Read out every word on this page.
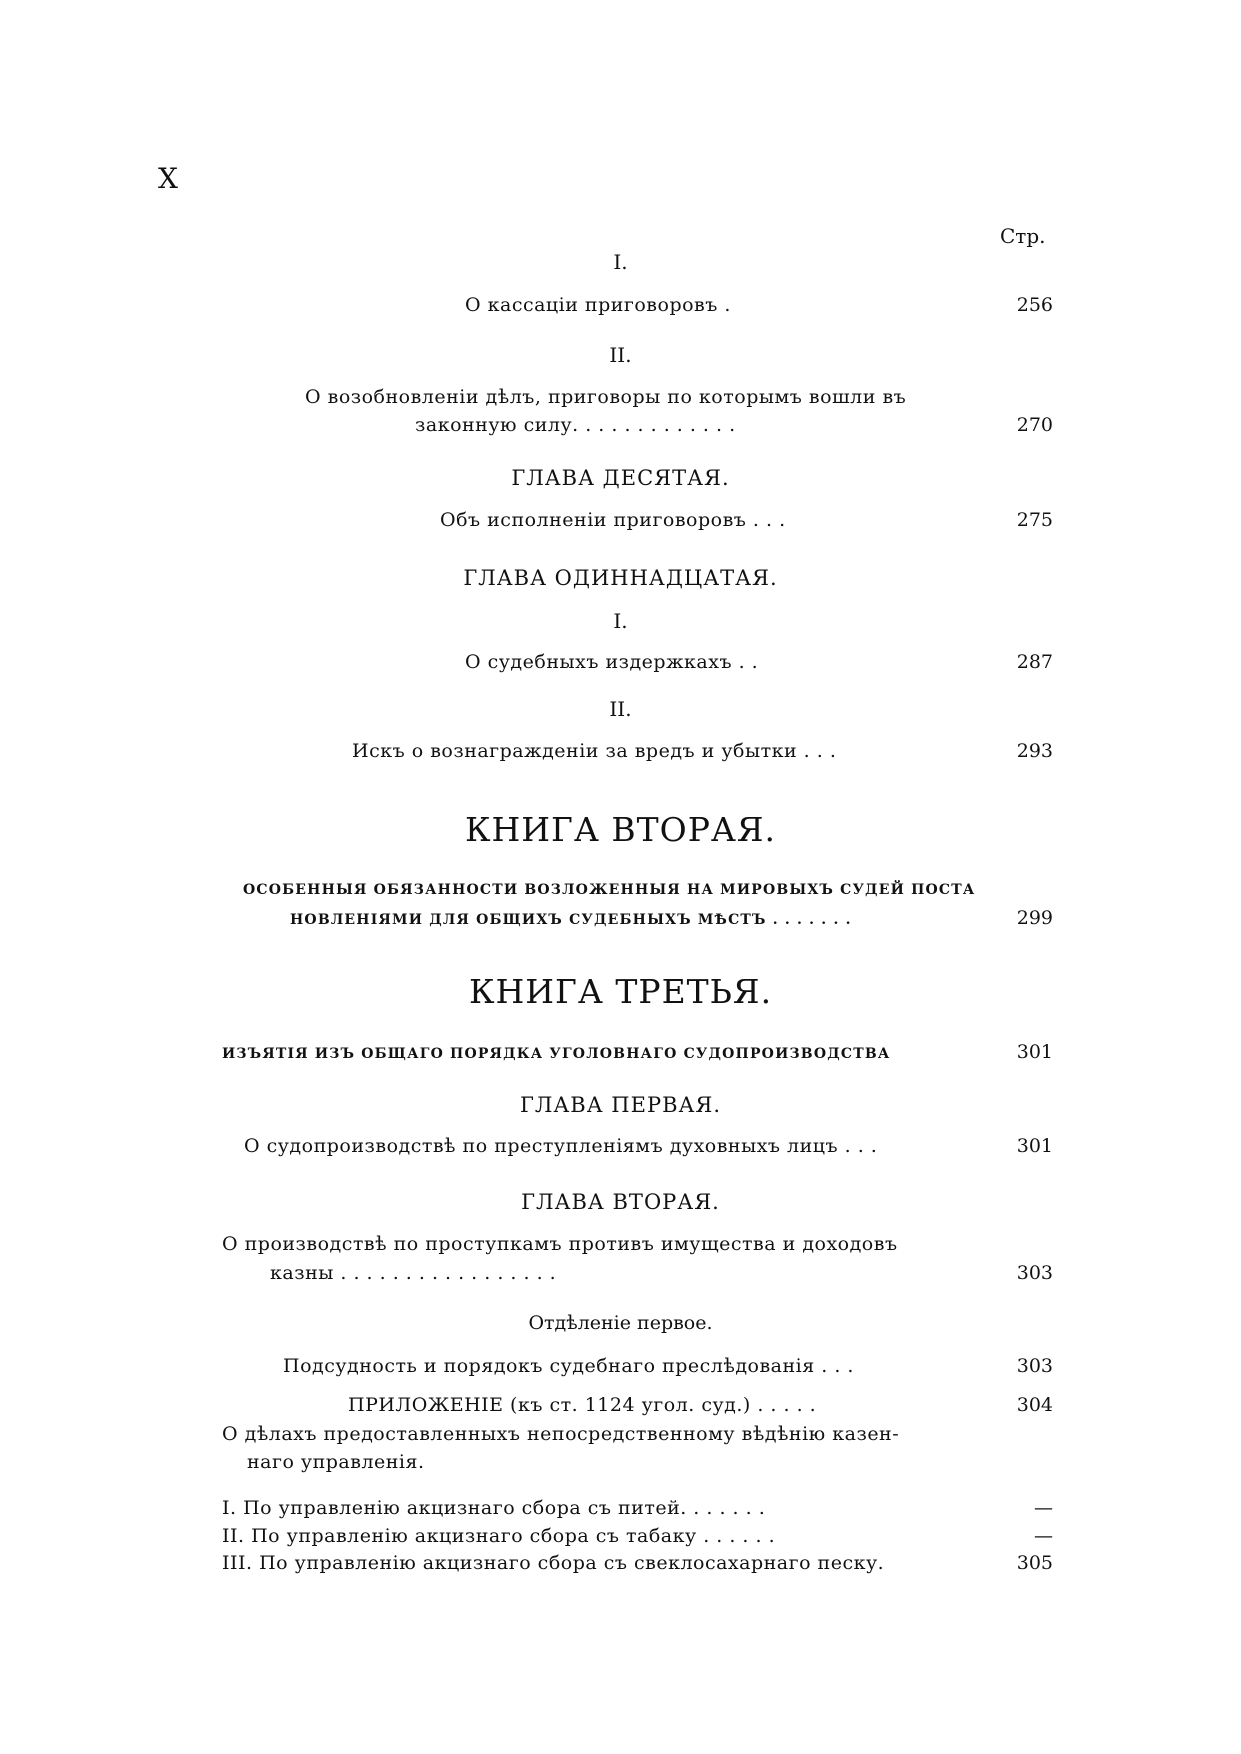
X
Стр.
I.
О кассаціи приговоровъ .	256
II.
О возобновленіи дѣлъ, приговоры по которымъ вошли въ
законную силу. . . . . . . . . . . . .	270
ГЛАВА ДЕСЯТАЯ.
Объ исполненіи приговоровъ . . .	275
ГЛАВА ОДИННАДЦАТАЯ.
I.
О судебныхъ издержкахъ . .	287
II.
Искъ о вознагражденіи за вредъ и убытки . . .	293
КНИГА ВТОРАЯ.
ОСОБЕННЫЯ ОБЯЗАННОСТИ ВОЗЛОЖЕННЫЯ НА МИРОВЫХЪ СУДЕЙ ПОСТА
НОВЛЕНІЯМИ ДЛЯ ОБЩИХЪ СУДЕБНЫХЪ МѢСТЪ . . . . . . .	299
КНИГА ТРЕТЬЯ.
ИЗЪЯТІЯ ИЗЪ ОБЩАГО ПОРЯДКА УГОЛОВНАГО СУДОПРОИЗВОДСТВА	301
ГЛАВА ПЕРВАЯ.
О судопроизводствѣ по преступленіямъ духовныхъ лицъ . . .	301
ГЛАВА ВТОРАЯ.
О производствѣ по проступкамъ противъ имущества и доходовъ
казны . . . . . . . . . . . . . . . . .	303
Отдѣленіе первое.
Подсудность и порядокъ судебнаго преслѣдованія . . .	303
ПРИЛОЖЕНІЕ (къ ст. 1124 угол. суд.) . . . . .	304
О дѣлахъ предоставленныхъ непосредственному вѣдѣнію казен-
наго управленія.
I. По управленію акцизнаго сбора съ питей. . . . . . .	—
II. По управленію акцизнаго сбора съ табаку . . . . . .	—
III. По управленію акцизнаго сбора съ свеклосахарнаго песку.	305
